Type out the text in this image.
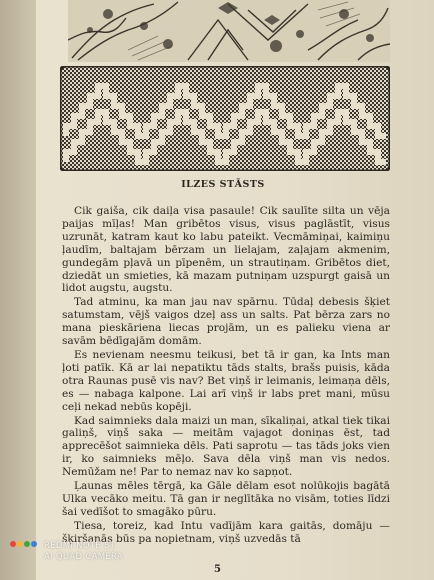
ILZES STĀSTS

Cik gaiša, cik daiļa visa pasaule! Cik saulīte silta un vēja paijas mīļas! Man gribētos visus, visus paglāstīt, visus uzrunāt, katram kaut ko labu pateikt. Vecmāmiņai, kaimiņu ļaudīm, baltajam bērzam un lielajam, zaļajam akmenim, gundegām pļavā un pīpenēm, un strautiņam. Gribētos diet, dziedāt un smieties, kā mazam putniņam uzspurgt gaisā un lidot augstu, augstu.

Tad atminu, ka man jau nav spārnu. Tūdaļ debesis šķiet satumstam, vējš vaigos dzeļ ass un salts. Pat bērza zars no mana pieskāriena liecas projām, un es palieku viena ar savām bēdīgajām domām.

Es nevienam neesmu teikusi, bet tā ir gan, ka Ints man ļoti patīk. Kā ar lai nepatiktu tāds stalts, brašs puisis, kāda otra Raunas pusē vis nav? Bet viņš ir leimanis, leimaņa dēls, es — nabaga kalpone. Lai arī viņš ir labs pret mani, mūsu ceļi nekad nebūs kopēji.

Kad saimnieks dala maizi un man, sīkaliņai, atkal tiek tikai galiņš, viņš saka — meitām vajagot doniņas ēst, tad apprecēšot saimnieka dēls. Pati saprotu — tas tāds joks vien ir, ko saimnieks mēļo. Sava dēla viņš man vis nedos. Nemūžam ne! Par to nemaz nav ko sapņot.

Ļaunas mēles tērgā, ka Gāle dēlam esot nolūkojis bagātā Ulka vecāko meitu. Tā gan ir neglītāka no visām, toties līdzi šai vedīšot to smagāko pūru.

Tiesa, toreiz, kad Intu vadījām kara gaitās, domāju — šķiršanās būs pa nopietnam, viņš uzvedās tā

5
REDMI NOTE 8T
AI QUAD CAMERA
